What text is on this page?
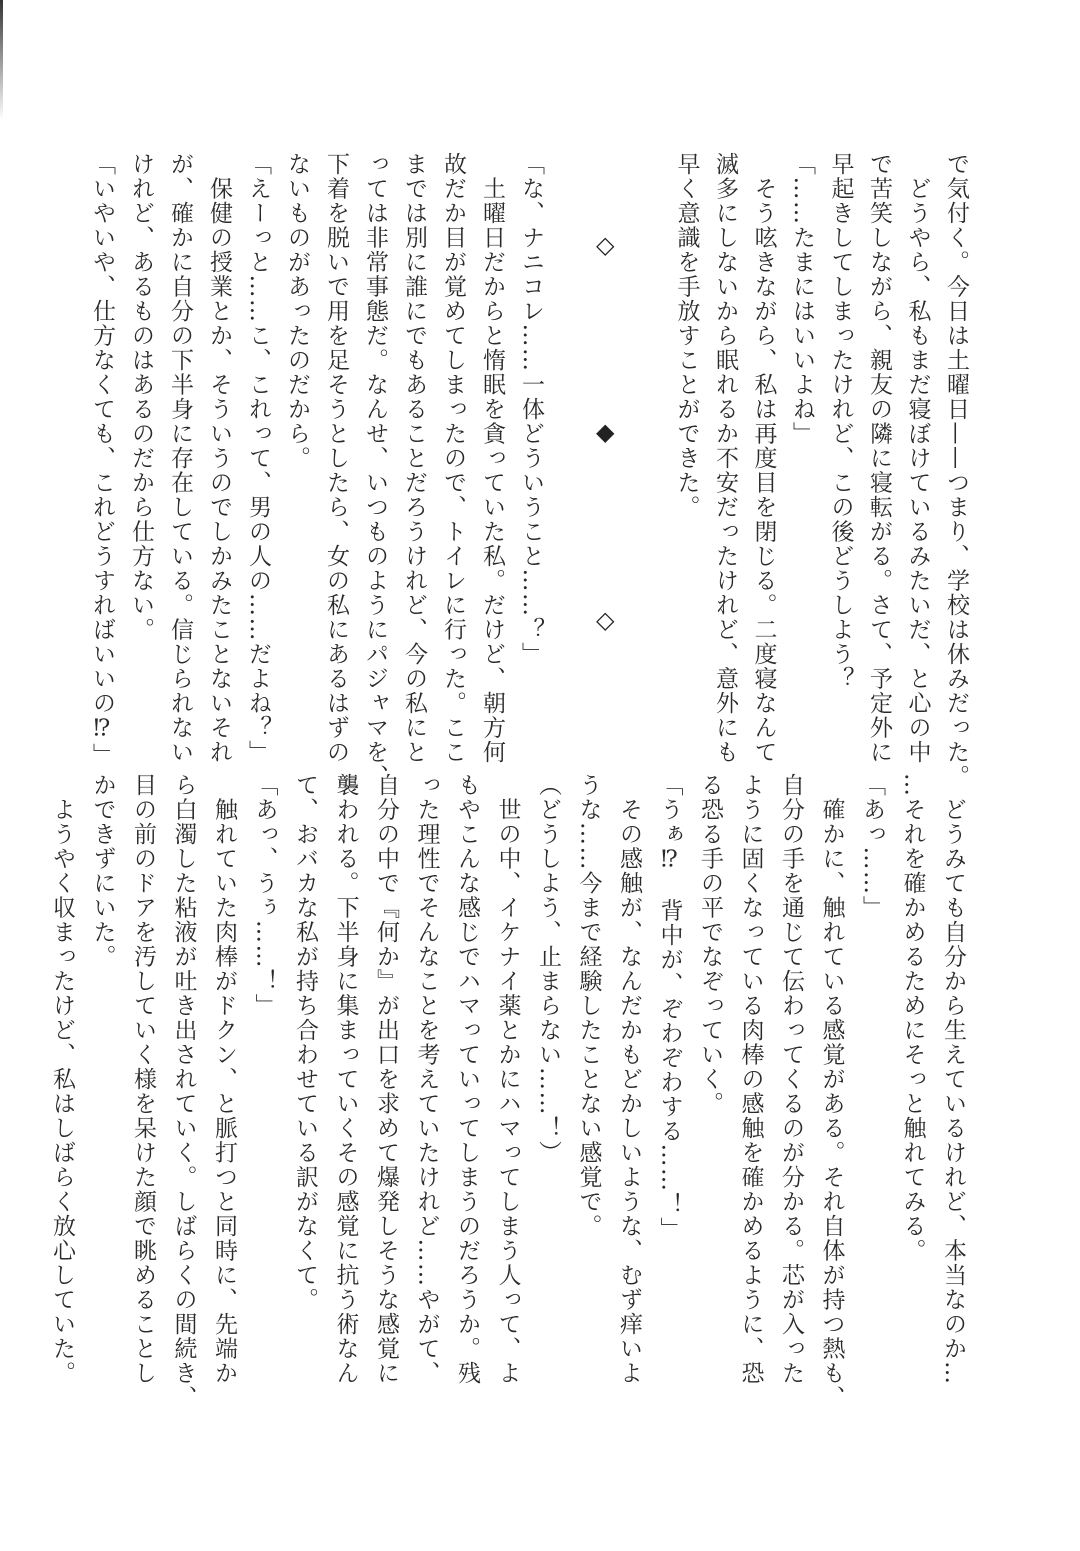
で気付く。今日は土曜日——つまり、学校は休みだった。
　どうやら、私もまだ寝ぼけているみたいだ、と心の中
で苦笑しながら、親友の隣に寝転がる。さて、予定外に
早起きしてしまったけれど、この後どうしよう？
「……たまにはいいよね」
　そう呟きながら、私は再度目を閉じる。二度寝なんて
滅多にしないから眠れるか不安だったけれど、意外にも
早く意識を手放すことができた。
◇
◆
◇
「な、ナニコレ……一体どういうこと……？」
　土曜日だからと惰眠を貪っていた私。だけど、朝方何
故だか目が覚めてしまったので、トイレに行った。ここ
までは別に誰にでもあることだろうけれど、今の私にと
っては非常事態だ。なんせ、いつものようにパジャマを、
下着を脱いで用を足そうとしたら、女の私にあるはずの
ないものがあったのだから。
「えーっと……こ、これって、男の人の……だよね？」
　保健の授業とか、そういうのでしかみたことないそれ
が、確かに自分の下半身に存在している。信じられない
けれど、あるものはあるのだから仕方ない。
「いやいや、仕方なくても、これどうすればいいの⁉」
　どうみても自分から生えているけれど、本当なのか…
…それを確かめるためにそっと触れてみる。
「あっ……」
　確かに、触れている感覚がある。それ自体が持つ熱も、
自分の手を通じて伝わってくるのが分かる。芯が入った
ように固くなっている肉棒の感触を確かめるように、恐
る恐る手の平でなぞっていく。
「うぁ⁉　背中が、ぞわぞわする……！」
　その感触が、なんだかもどかしいような、むず痒いよ
うな……今まで経験したことない感覚で。
（どうしよう、止まらない……！）
　世の中、イケナイ薬とかにハマってしまう人って、よ
もやこんな感じでハマっていってしまうのだろうか。残
った理性でそんなことを考えていたけれど……やがて、
自分の中で『何か』が出口を求めて爆発しそうな感覚に
襲われる。下半身に集まっていくその感覚に抗う術なん
て、おバカな私が持ち合わせている訳がなくて。
「あっ、うぅ……！」
　触れていた肉棒がドクン、と脈打つと同時に、先端か
ら白濁した粘液が吐き出されていく。しばらくの間続き、
目の前のドアを汚していく様を呆けた顔で眺めることし
かできずにいた。
　ようやく収まったけど、私はしばらく放心していた。
